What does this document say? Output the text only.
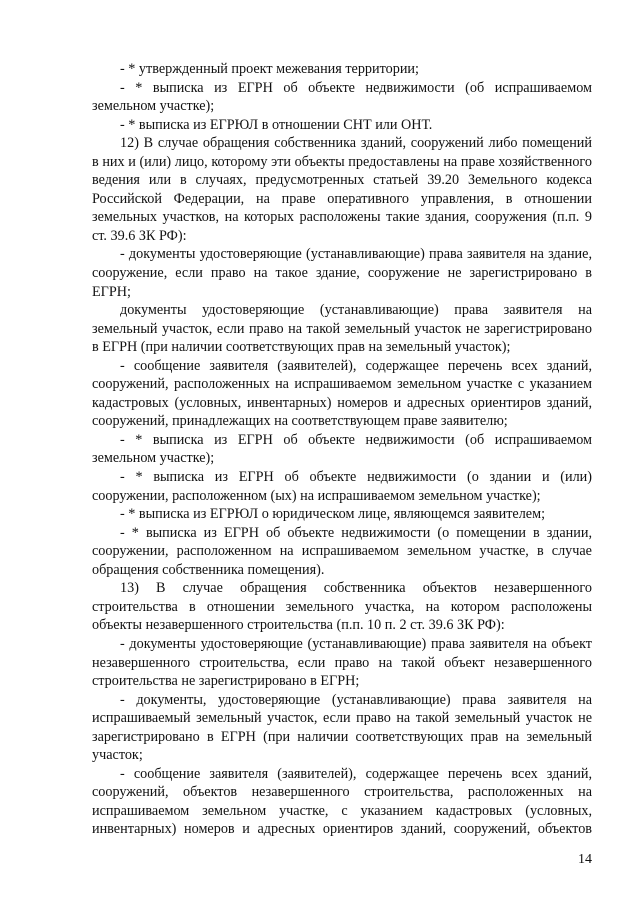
- * утвержденный проект межевания территории;

- * выписка из ЕГРН об объекте недвижимости (об испрашиваемом земельном участке);

- * выписка из ЕГРЮЛ в отношении СНТ или ОНТ.

12) В случае обращения собственника зданий, сооружений либо помещений в них и (или) лицо, которому эти объекты предоставлены на праве хозяйственного ведения или в случаях, предусмотренных статьей 39.20 Земельного кодекса Российской Федерации, на праве оперативного управления, в отношении земельных участков, на которых расположены такие здания, сооружения (п.п. 9 ст. 39.6 ЗК РФ):

- документы удостоверяющие (устанавливающие) права заявителя на здание, сооружение, если право на такое здание, сооружение не зарегистрировано в ЕГРН;

документы удостоверяющие (устанавливающие) права заявителя на земельный участок, если право на такой земельный участок не зарегистрировано в ЕГРН (при наличии соответствующих прав на земельный участок);

- сообщение заявителя (заявителей), содержащее перечень всех зданий, сооружений, расположенных на испрашиваемом земельном участке с указанием кадастровых (условных, инвентарных) номеров и адресных ориентиров зданий, сооружений, принадлежащих на соответствующем праве заявителю;

- * выписка из ЕГРН об объекте недвижимости (об испрашиваемом земельном участке);

- * выписка из ЕГРН об объекте недвижимости (о здании и (или) сооружении, расположенном (ых) на испрашиваемом земельном участке);

- * выписка из ЕГРЮЛ о юридическом лице, являющемся заявителем;

- * выписка из ЕГРН об объекте недвижимости (о помещении в здании, сооружении, расположенном на испрашиваемом земельном участке, в случае обращения собственника помещения).

13) В случае обращения собственника объектов незавершенного строительства в отношении земельного участка, на котором расположены объекты незавершенного строительства (п.п. 10 п. 2 ст. 39.6 ЗК РФ):

- документы удостоверяющие (устанавливающие) права заявителя на объект незавершенного строительства, если право на такой объект незавершенного строительства не зарегистрировано в ЕГРН;

- документы, удостоверяющие (устанавливающие) права заявителя на испрашиваемый земельный участок, если право на такой земельный участок не зарегистрировано в ЕГРН (при наличии соответствующих прав на земельный участок;

- сообщение заявителя (заявителей), содержащее перечень всех зданий, сооружений, объектов незавершенного строительства, расположенных на испрашиваемом земельном участке, с указанием кадастровых (условных, инвентарных) номеров и адресных ориентиров зданий, сооружений, объектов

14
